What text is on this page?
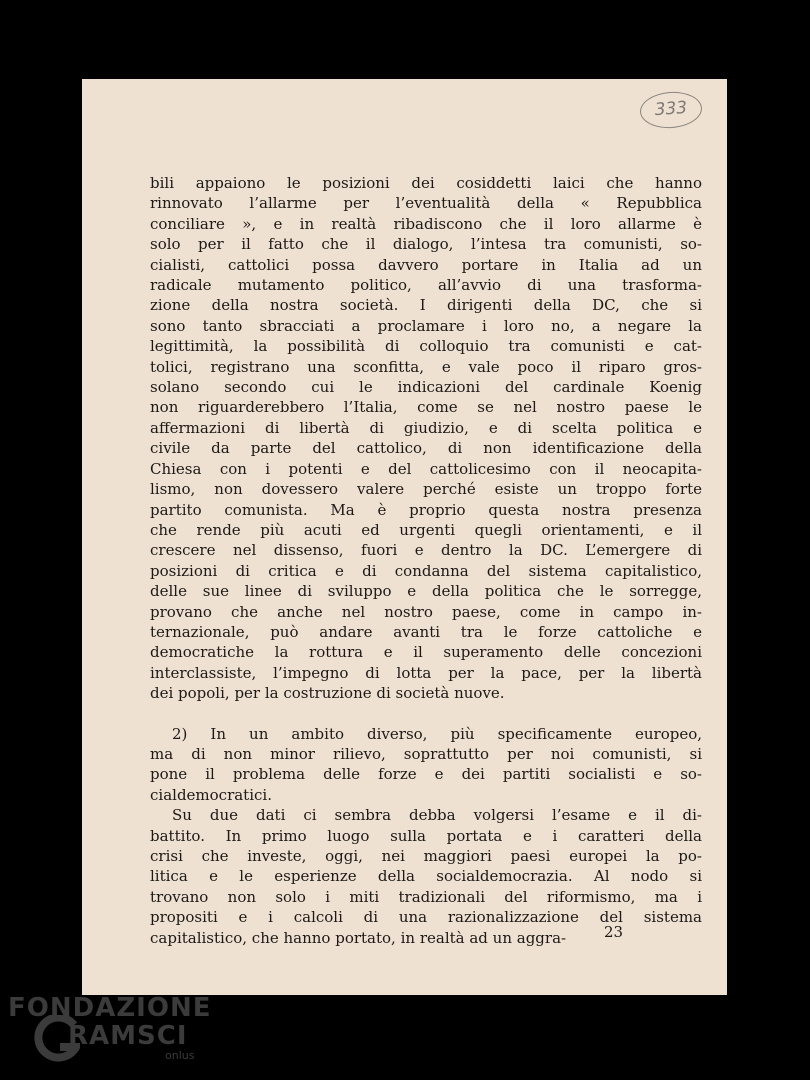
333
bili appaiono le posizioni dei cosiddetti laici che hanno
rinnovato l’allarme per l’eventualità della « Repubblica
conciliare », e in realtà ribadiscono che il loro allarme è
solo per il fatto che il dialogo, l’intesa tra comunisti, so-
cialisti, cattolici possa davvero portare in Italia ad un
radicale mutamento politico, all’avvio di una trasforma-
zione della nostra società. I dirigenti della DC, che si
sono tanto sbracciati a proclamare i loro no, a negare la
legittimità, la possibilità di colloquio tra comunisti e cat-
tolici, registrano una sconfitta, e vale poco il riparo gros-
solano secondo cui le indicazioni del cardinale Koenig
non riguarderebbero l’Italia, come se nel nostro paese le
affermazioni di libertà di giudizio, e di scelta politica e
civile da parte del cattolico, di non identificazione della
Chiesa con i potenti e del cattolicesimo con il neocapita-
lismo, non dovessero valere perché esiste un troppo forte
partito comunista. Ma è proprio questa nostra presenza
che rende più acuti ed urgenti quegli orientamenti, e il
crescere nel dissenso, fuori e dentro la DC. L’emergere di
posizioni di critica e di condanna del sistema capitalistico,
delle sue linee di sviluppo e della politica che le sorregge,
provano che anche nel nostro paese, come in campo in-
ternazionale, può andare avanti tra le forze cattoliche e
democratiche la rottura e il superamento delle concezioni
interclassiste, l’impegno di lotta per la pace, per la libertà
dei popoli, per la costruzione di società nuove.
2) In un ambito diverso, più specificamente europeo,
ma di non minor rilievo, soprattutto per noi comunisti, si
pone il problema delle forze e dei partiti socialisti e so-
cialdemocratici.
Su due dati ci sembra debba volgersi l’esame e il di-
battito. In primo luogo sulla portata e i caratteri della
crisi che investe, oggi, nei maggiori paesi europei la po-
litica e le esperienze della socialdemocrazia. Al nodo si
trovano non solo i miti tradizionali del riformismo, ma i
propositi e i calcoli di una razionalizzazione del sistema
capitalistico, che hanno portato, in realtà ad un aggra-	23
FONDAZIONE
RAMSCI
onlus
